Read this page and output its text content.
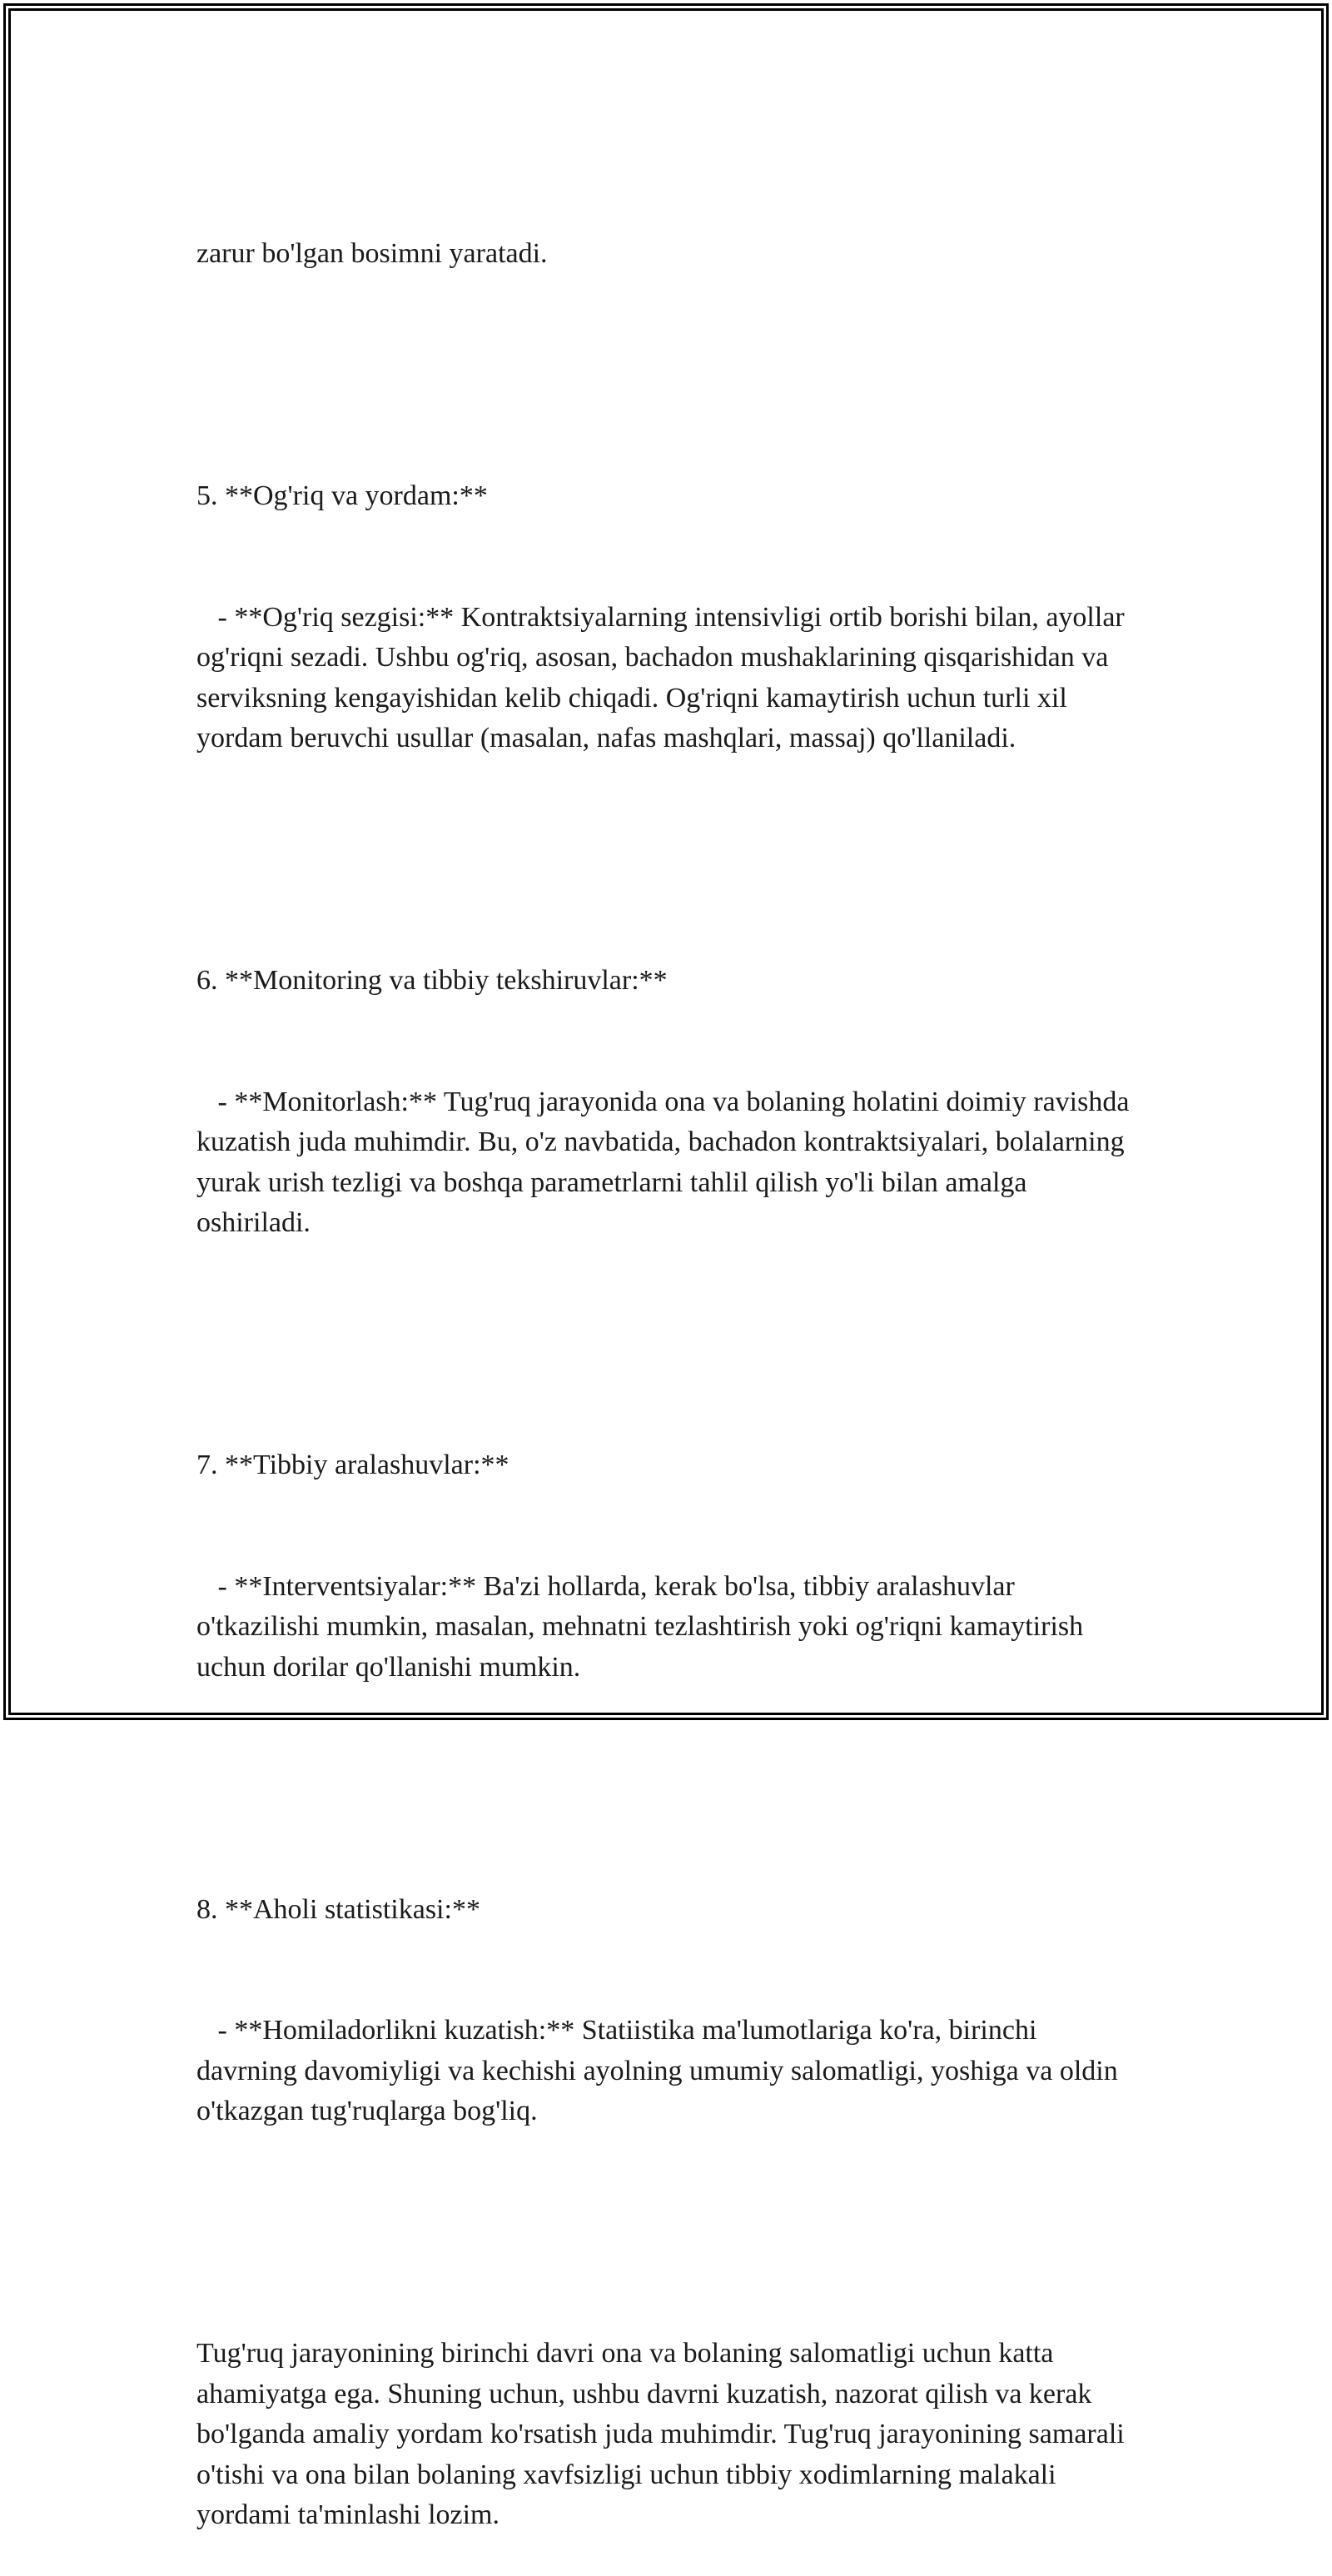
zarur bo'lgan bosimni yaratadi.

5. **Og'riq va yordam:**

- **Og'riq sezgisi:** Kontraktsiyalarning intensivligi ortib borishi bilan, ayollar og'riqni sezadi. Ushbu og'riq, asosan, bachadon mushaklarining qisqarishidan va serviksning kengayishidan kelib chiqadi. Og'riqni kamaytirish uchun turli xil yordam beruvchi usullar (masalan, nafas mashqlari, massaj) qo'llaniladi.

6. **Monitoring va tibbiy tekshiruvlar:**

- **Monitorlash:** Tug'ruq jarayonida ona va bolaning holatini doimiy ravishda kuzatish juda muhimdir. Bu, o'z navbatida, bachadon kontraktsiyalari, bolalarning yurak urish tezligi va boshqa parametrlarni tahlil qilish yo'li bilan amalga oshiriladi.

7. **Tibbiy aralashuvlar:**

- **Interventsiyalar:** Ba'zi hollarda, kerak bo'lsa, tibbiy aralashuvlar o'tkazilishi mumkin, masalan, mehnatni tezlashtirish yoki og'riqni kamaytirish uchun dorilar qo'llanishi mumkin.

8. **Aholi statistikasi:**

- **Homiladorlikni kuzatish:** Statiistika ma'lumotlariga ko'ra, birinchi davrning davomiyligi va kechishi ayolning umumiy salomatligi, yoshiga va oldin o'tkazgan tug'ruqlarga bog'liq.

Tug'ruq jarayonining birinchi davri ona va bolaning salomatligi uchun katta ahamiyatga ega. Shuning uchun, ushbu davrni kuzatish, nazorat qilish va kerak bo'lganda amaliy yordam ko'rsatish juda muhimdir. Tug'ruq jarayonining samarali o'tishi va ona bilan bolaning xavfsizligi uchun tibbiy xodimlarning malakali yordami ta'minlashi lozim.
